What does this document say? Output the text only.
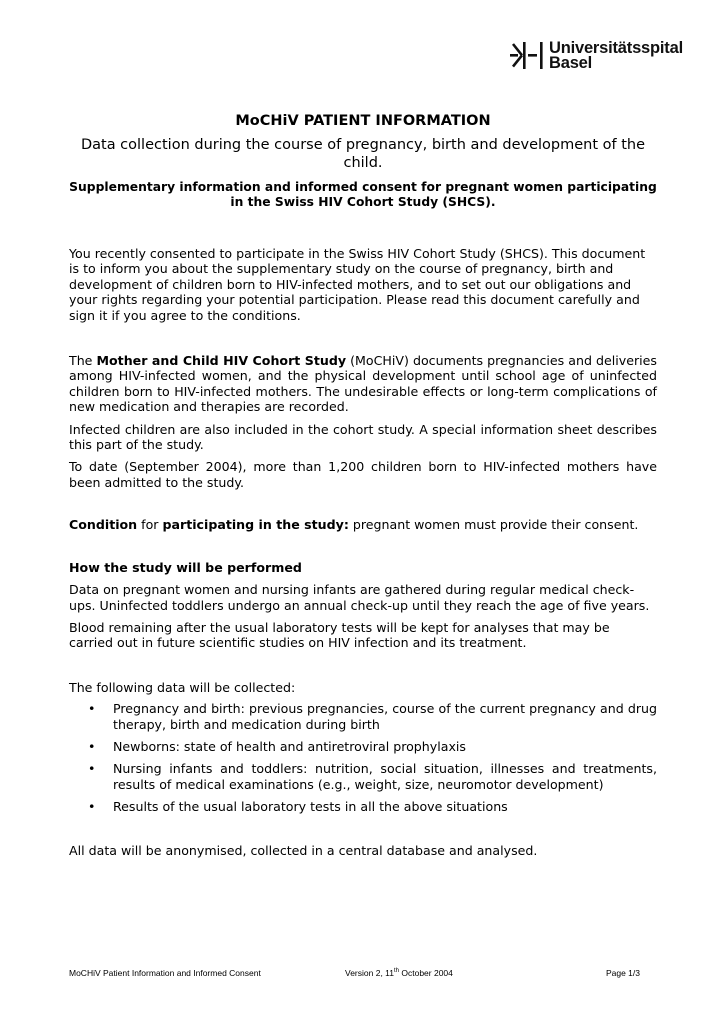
Universitätsspital
Basel
MoCHiV PATIENT INFORMATION
Data collection during the course of pregnancy, birth and development of the child.
Supplementary information and informed consent for pregnant women participating in the Swiss HIV Cohort Study (SHCS).

You recently consented to participate in the Swiss HIV Cohort Study (SHCS). This document is to inform you about the supplementary study on the course of pregnancy, birth and development of children born to HIV-infected mothers, and to set out our obligations and your rights regarding your potential participation. Please read this document carefully and sign it if you agree to the conditions.

The Mother and Child HIV Cohort Study (MoCHiV) documents pregnancies and deliveries among HIV-infected women, and the physical development until school age of uninfected children born to HIV-infected mothers. The undesirable effects or long-term complications of new medication and therapies are recorded.

Infected children are also included in the cohort study. A special information sheet describes this part of the study.

To date (September 2004), more than 1,200 children born to HIV-infected mothers have been admitted to the study.

Condition for participating in the study: pregnant women must provide their consent.

How the study will be performed

Data on pregnant women and nursing infants are gathered during regular medical check-ups. Uninfected toddlers undergo an annual check-up until they reach the age of five years.

Blood remaining after the usual laboratory tests will be kept for analyses that may be carried out in future scientific studies on HIV infection and its treatment.

The following data will be collected:

• Pregnancy and birth: previous pregnancies, course of the current pregnancy and drug therapy, birth and medication during birth
• Newborns: state of health and antiretroviral prophylaxis
• Nursing infants and toddlers: nutrition, social situation, illnesses and treatments, results of medical examinations (e.g., weight, size, neuromotor development)
• Results of the usual laboratory tests in all the above situations

All data will be anonymised, collected in a central database and analysed.

MoCHiV Patient Information and Informed Consent	Version 2, 11th October 2004	Page 1/3
